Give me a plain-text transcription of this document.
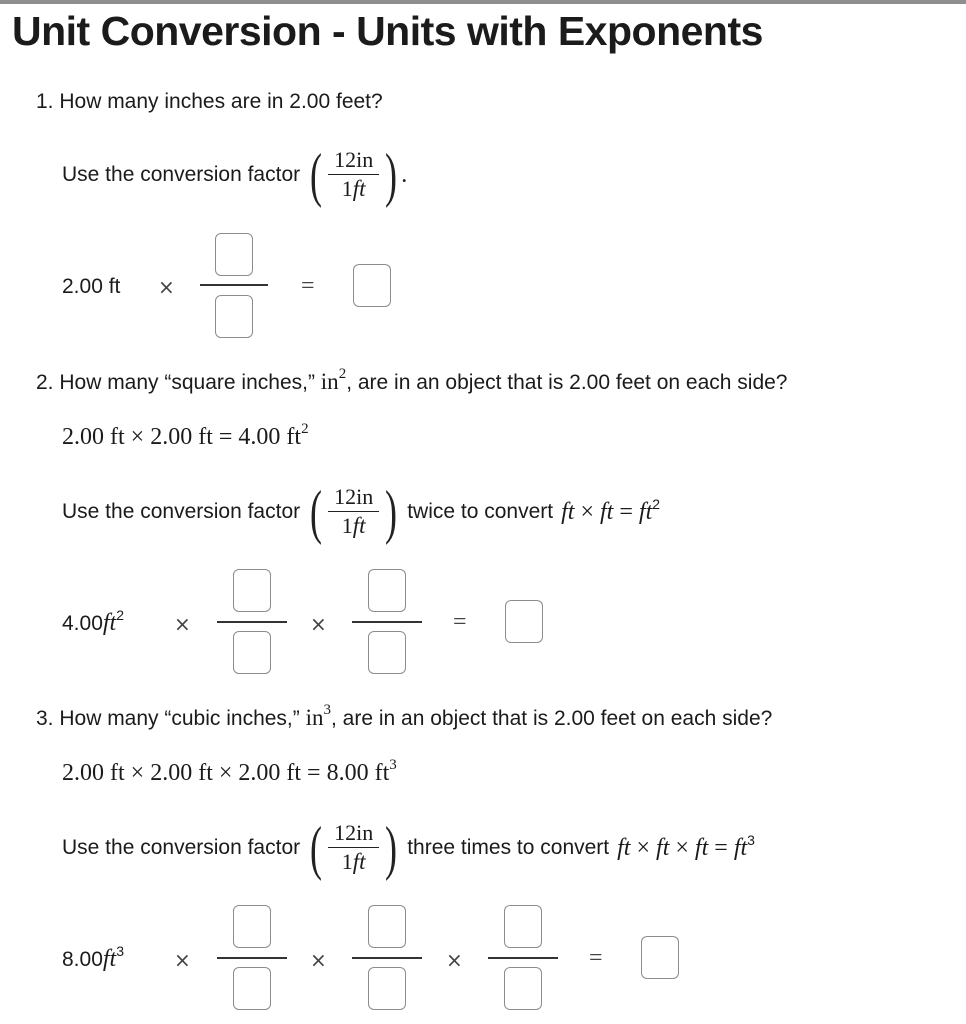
Unit Conversion - Units with Exponents
1. How many inches are in 2.00 feet?
Use the conversion factor ( $\frac{12in}{1ft}$ ) .
2.00 ft ×	=
2. How many “square inches,” $in^2$, are in an object that is 2.00 feet on each side?
2.00 ft × 2.00 ft = 4.00 $ft^2$
Use the conversion factor ( $\frac{12in}{1ft}$ ) twice to convert ft × ft = $ft^2$
$4.00ft^2$ ×	×	=
3. How many “cubic inches,” $in^3$, are in an object that is 2.00 feet on each side?
2.00 ft × 2.00 ft × 2.00 ft = 8.00 $ft^3$
Use the conversion factor ( $\frac{12in}{1ft}$ ) three times to convert ft × ft × ft = $ft^3$
$8.00ft^3$ ×	×	×	=
